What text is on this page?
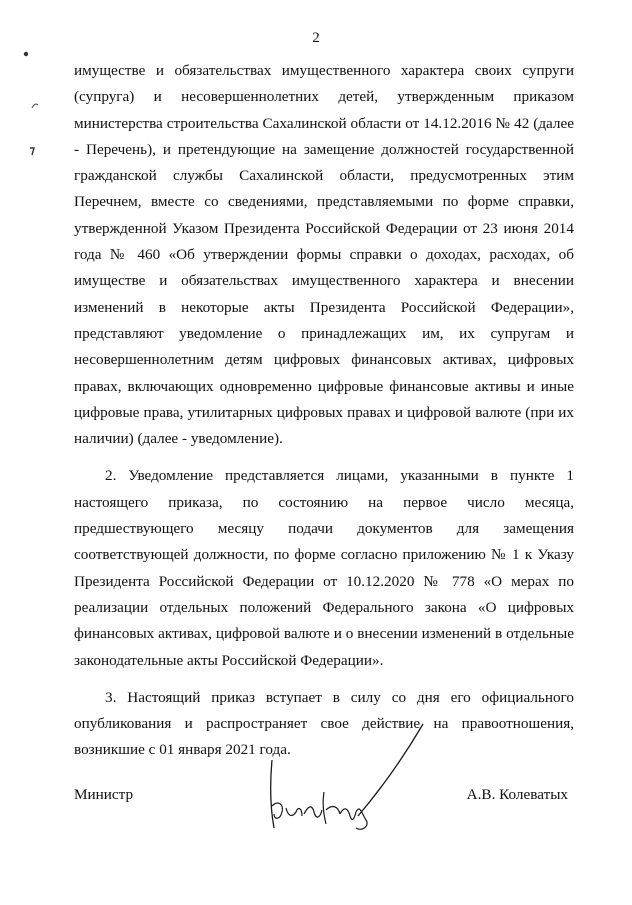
2

имуществе и обязательствах имущественного характера своих супруги (супруга) и несовершеннолетних детей, утвержденным приказом министерства строительства Сахалинской области от 14.12.2016 № 42 (далее - Перечень), и претендующие на замещение должностей государственной гражданской службы Сахалинской области, предусмотренных этим Перечнем, вместе со сведениями, представляемыми по форме справки, утвержденной Указом Президента Российской Федерации от 23 июня 2014 года № 460 «Об утверждении формы справки о доходах, расходах, об имуществе и обязательствах имущественного характера и внесении изменений в некоторые акты Президента Российской Федерации», представляют уведомление о принадлежащих им, их супругам и несовершеннолетним детям цифровых финансовых активах, цифровых правах, включающих одновременно цифровые финансовые активы и иные цифровые права, утилитарных цифровых правах и цифровой валюте (при их наличии) (далее - уведомление).

2. Уведомление представляется лицами, указанными в пункте 1 настоящего приказа, по состоянию на первое число месяца, предшествующего месяцу подачи документов для замещения соответствующей должности, по форме согласно приложению № 1 к Указу Президента Российской Федерации от 10.12.2020 № 778 «О мерах по реализации отдельных положений Федерального закона «О цифровых финансовых активах, цифровой валюте и о внесении изменений в отдельные законодательные акты Российской Федерации».

3. Настоящий приказ вступает в силу со дня его официального опубликования и распространяет свое действие на правоотношения, возникшие с 01 января 2021 года.

Министр	А.В. Колеватых
